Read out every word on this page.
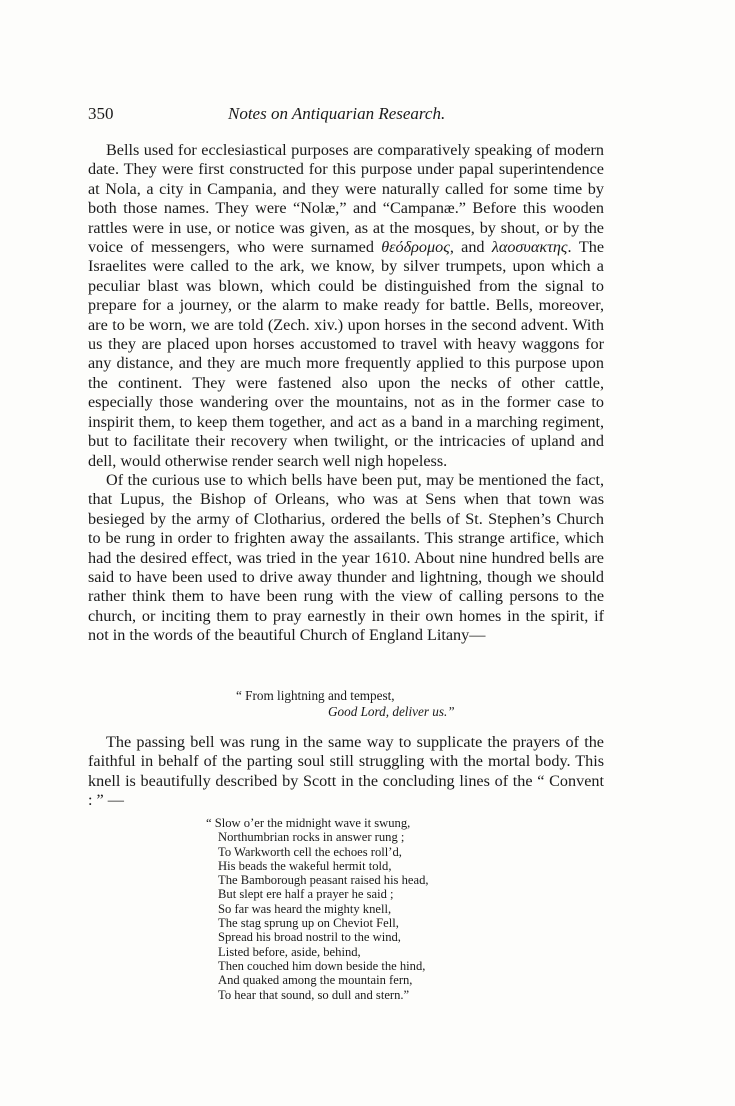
350	Notes on Antiquarian Research.

Bells used for ecclesiastical purposes are comparatively speaking of modern date. They were first constructed for this purpose under papal superintendence at Nola, a city in Campania, and they were naturally called for some time by both those names. They were “Nolæ,” and “Campanæ.” Before this wooden rattles were in use, or notice was given, as at the mosques, by shout, or by the voice of messengers, who were surnamed θεόδρομος, and λαοσυακτης. The Israelites were called to the ark, we know, by silver trumpets, upon which a peculiar blast was blown, which could be distinguished from the signal to prepare for a journey, or the alarm to make ready for battle. Bells, moreover, are to be worn, we are told (Zech. xiv.) upon horses in the second advent. With us they are placed upon horses accustomed to travel with heavy waggons for any distance, and they are much more frequently applied to this purpose upon the continent. They were fastened also upon the necks of other cattle, especially those wandering over the mountains, not as in the former case to inspirit them, to keep them together, and act as a band in a marching regiment, but to facilitate their recovery when twilight, or the intricacies of upland and dell, would otherwise render search well nigh hopeless.

Of the curious use to which bells have been put, may be mentioned the fact, that Lupus, the Bishop of Orleans, who was at Sens when that town was besieged by the army of Clotharius, ordered the bells of St. Stephen’s Church to be rung in order to frighten away the assailants. This strange artifice, which had the desired effect, was tried in the year 1610. About nine hundred bells are said to have been used to drive away thunder and lightning, though we should rather think them to have been rung with the view of calling persons to the church, or inciting them to pray earnestly in their own homes in the spirit, if not in the words of the beautiful Church of England Litany—

“ From lightning and tempest,
Good Lord, deliver us.”

The passing bell was rung in the same way to supplicate the prayers of the faithful in behalf of the parting soul still struggling with the mortal body. This knell is beautifully described by Scott in the concluding lines of the “ Convent : ” —

“ Slow o’er the midnight wave it swung,
Northumbrian rocks in answer rung ;
To Warkworth cell the echoes roll’d,
His beads the wakeful hermit told,
The Bamborough peasant raised his head,
But slept ere half a prayer he said ;
So far was heard the mighty knell,
The stag sprung up on Cheviot Fell,
Spread his broad nostril to the wind,
Listed before, aside, behind,
Then couched him down beside the hind,
And quaked among the mountain fern,
To hear that sound, so dull and stern.”
